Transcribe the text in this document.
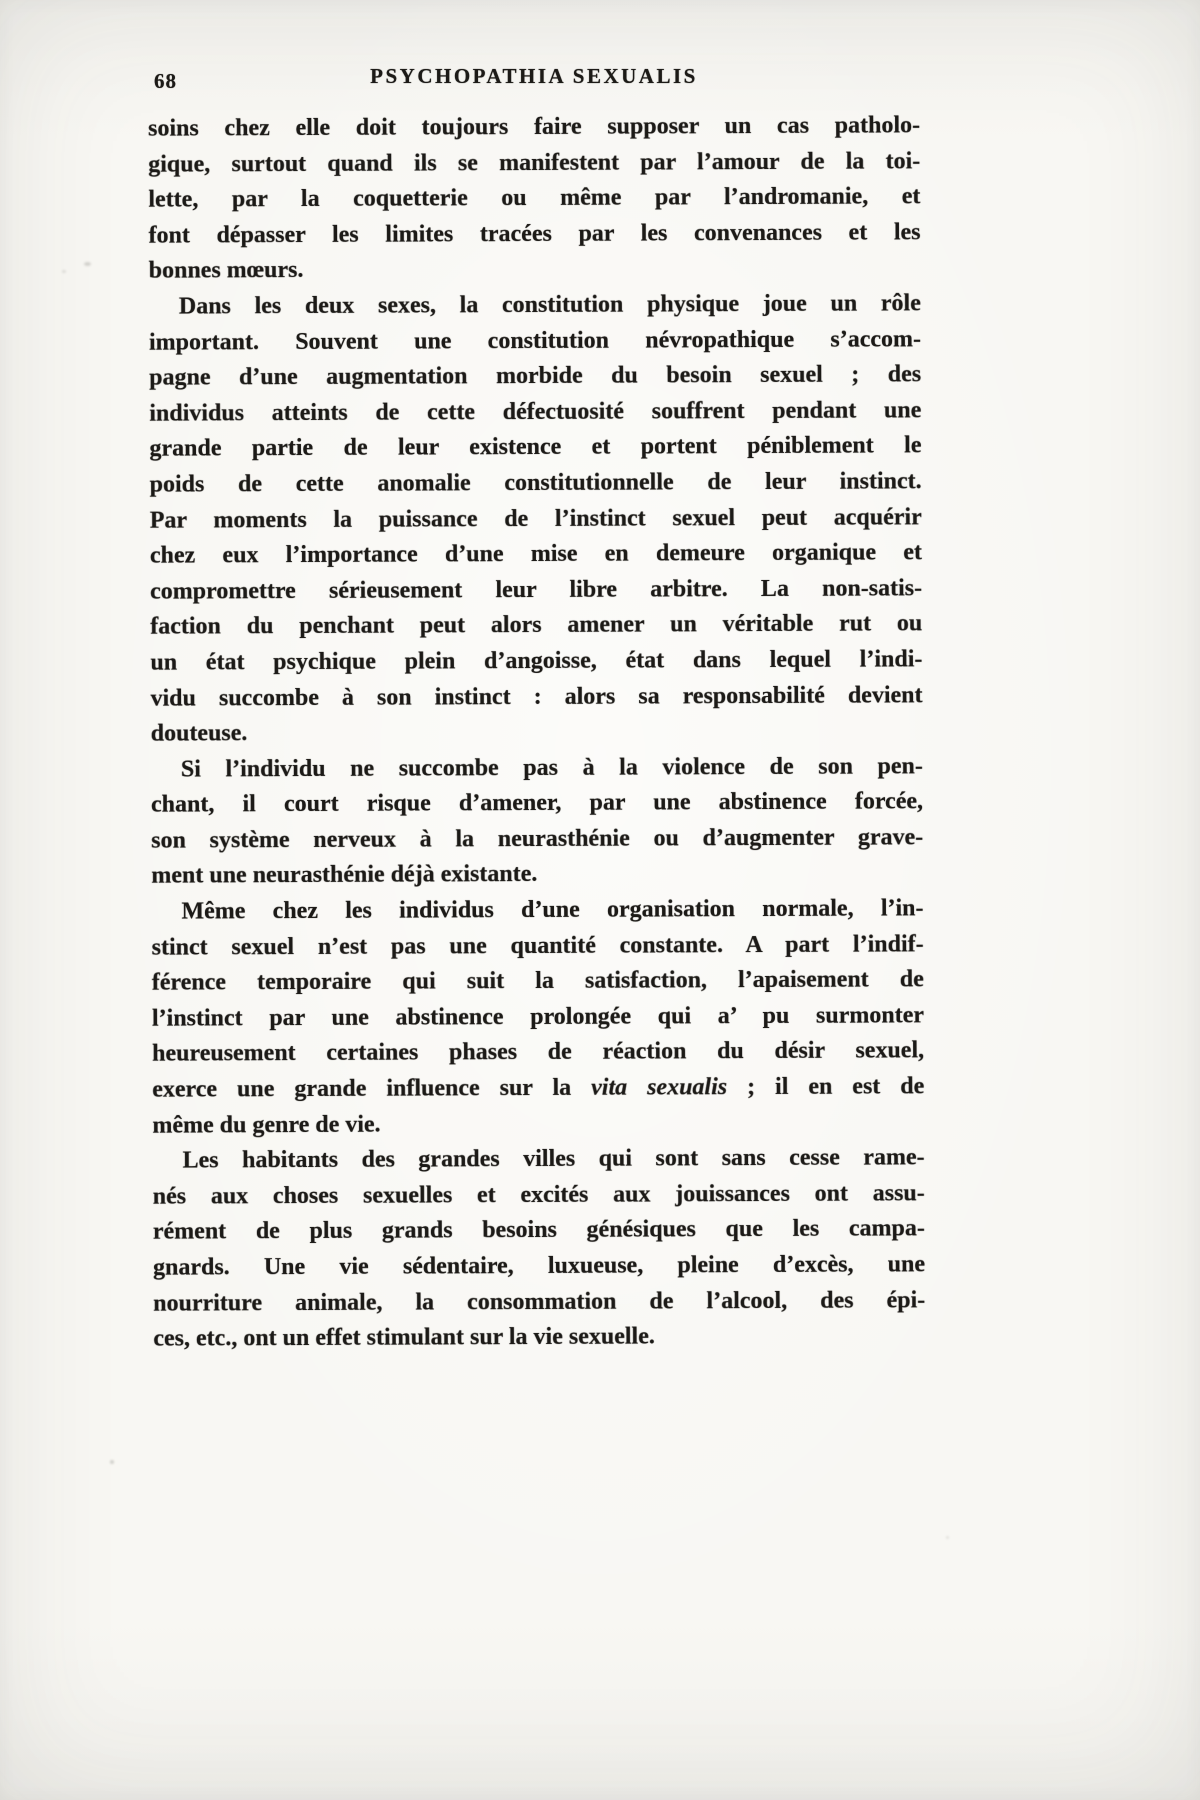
68	PSYCHOPATHIA SEXUALIS
soins chez elle doit toujours faire supposer un cas patholo-
gique, surtout quand ils se manifestent par l’amour de la toi-
lette, par la coquetterie ou même par l’andromanie, et
font dépasser les limites tracées par les convenances et les
bonnes mœurs.
Dans les deux sexes, la constitution physique joue un rôle
important. Souvent une constitution névropathique s’accom-
pagne d’une augmentation morbide du besoin sexuel ; des
individus atteints de cette défectuosité souffrent pendant une
grande partie de leur existence et portent péniblement le
poids de cette anomalie constitutionnelle de leur instinct.
Par moments la puissance de l’instinct sexuel peut acquérir
chez eux l’importance d’une mise en demeure organique et
compromettre sérieusement leur libre arbitre. La non-satis-
faction du penchant peut alors amener un véritable rut ou
un état psychique plein d’angoisse, état dans lequel l’indi-
vidu succombe à son instinct : alors sa responsabilité devient
douteuse.
Si l’individu ne succombe pas à la violence de son pen-
chant, il court risque d’amener, par une abstinence forcée,
son système nerveux à la neurasthénie ou d’augmenter grave-
ment une neurasthénie déjà existante.
Même chez les individus d’une organisation normale, l’in-
stinct sexuel n’est pas une quantité constante. A part l’indif-
férence temporaire qui suit la satisfaction, l’apaisement de
l’instinct par une abstinence prolongée qui a’ pu surmonter
heureusement certaines phases de réaction du désir sexuel,
exerce une grande influence sur la vita sexualis ; il en est de
même du genre de vie.
Les habitants des grandes villes qui sont sans cesse rame-
nés aux choses sexuelles et excités aux jouissances ont assu-
rément de plus grands besoins génésiques que les campa-
gnards. Une vie sédentaire, luxueuse, pleine d’excès, une
nourriture animale, la consommation de l’alcool, des épi-
ces, etc., ont un effet stimulant sur la vie sexuelle.
